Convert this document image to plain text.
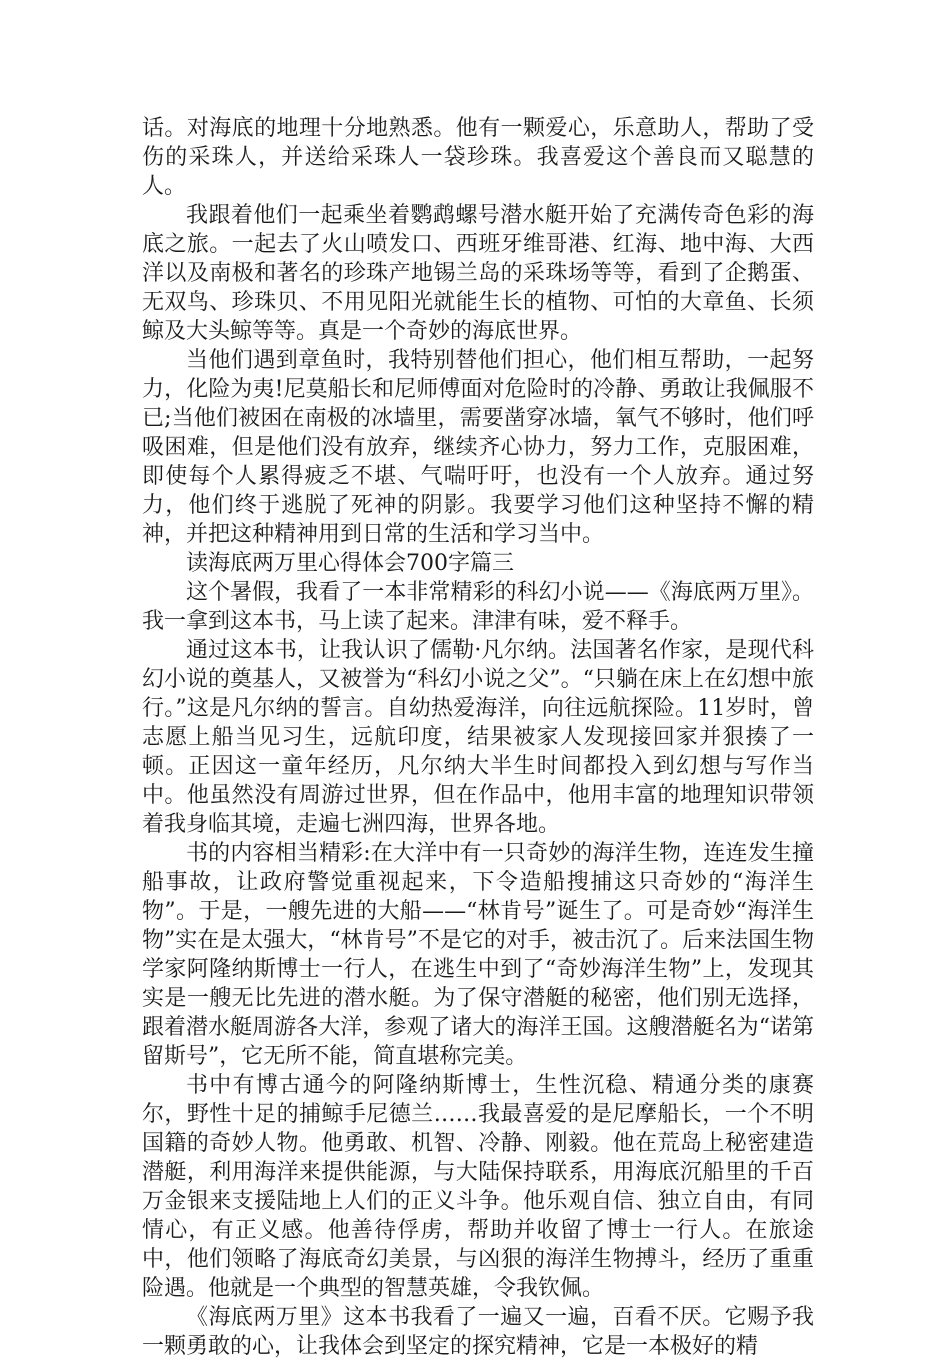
话。对海底的地理十分地熟悉。他有一颗爱心，乐意助人，帮助了受伤的采珠人，并送给采珠人一袋珍珠。我喜爱这个善良而又聪慧的人。

我跟着他们一起乘坐着鹦鹉螺号潜水艇开始了充满传奇色彩的海底之旅。一起去了火山喷发口、西班牙维哥港、红海、地中海、大西洋以及南极和著名的珍珠产地锡兰岛的采珠场等等，看到了企鹅蛋、无双鸟、珍珠贝、不用见阳光就能生长的植物、可怕的大章鱼、长须鲸及大头鲸等等。真是一个奇妙的海底世界。

当他们遇到章鱼时，我特别替他们担心，他们相互帮助，一起努力，化险为夷!尼莫船长和尼师傅面对危险时的冷静、勇敢让我佩服不已;当他们被困在南极的冰墙里，需要凿穿冰墙，氧气不够时，他们呼吸困难，但是他们没有放弃，继续齐心协力，努力工作，克服困难，即使每个人累得疲乏不堪、气喘吁吁，也没有一个人放弃。通过努力，他们终于逃脱了死神的阴影。我要学习他们这种坚持不懈的精神，并把这种精神用到日常的生活和学习当中。

读海底两万里心得体会700字篇三

这个暑假，我看了一本非常精彩的科幻小说——《海底两万里》。我一拿到这本书，马上读了起来。津津有味，爱不释手。

通过这本书，让我认识了儒勒·凡尔纳。法国著名作家，是现代科幻小说的奠基人，又被誉为“科幻小说之父”。“只躺在床上在幻想中旅行。”这是凡尔纳的誓言。自幼热爱海洋，向往远航探险。11岁时，曾志愿上船当见习生，远航印度，结果被家人发现接回家并狠揍了一顿。正因这一童年经历，凡尔纳大半生时间都投入到幻想与写作当中。他虽然没有周游过世界，但在作品中，他用丰富的地理知识带领着我身临其境，走遍七洲四海，世界各地。

书的内容相当精彩:在大洋中有一只奇妙的海洋生物，连连发生撞船事故，让政府警觉重视起来，下令造船搜捕这只奇妙的“海洋生物”。于是，一艘先进的大船——“林肯号”诞生了。可是奇妙“海洋生物”实在是太强大，“林肯号”不是它的对手，被击沉了。后来法国生物学家阿隆纳斯博士一行人，在逃生中到了“奇妙海洋生物”上，发现其实是一艘无比先进的潜水艇。为了保守潜艇的秘密，他们别无选择，跟着潜水艇周游各大洋，参观了诸大的海洋王国。这艘潜艇名为“诺第留斯号”，它无所不能，简直堪称完美。

书中有博古通今的阿隆纳斯博士，生性沉稳、精通分类的康赛尔，野性十足的捕鲸手尼德兰……我最喜爱的是尼摩船长，一个不明国籍的奇妙人物。他勇敢、机智、冷静、刚毅。他在荒岛上秘密建造潜艇，利用海洋来提供能源，与大陆保持联系，用海底沉船里的千百万金银来支援陆地上人们的正义斗争。他乐观自信、独立自由，有同情心，有正义感。他善待俘虏，帮助并收留了博士一行人。在旅途中，他们领略了海底奇幻美景，与凶狠的海洋生物搏斗，经历了重重险遇。他就是一个典型的智慧英雄，令我钦佩。

《海底两万里》这本书我看了一遍又一遍，百看不厌。它赐予我一颗勇敢的心，让我体会到坚定的探究精神，它是一本极好的精
